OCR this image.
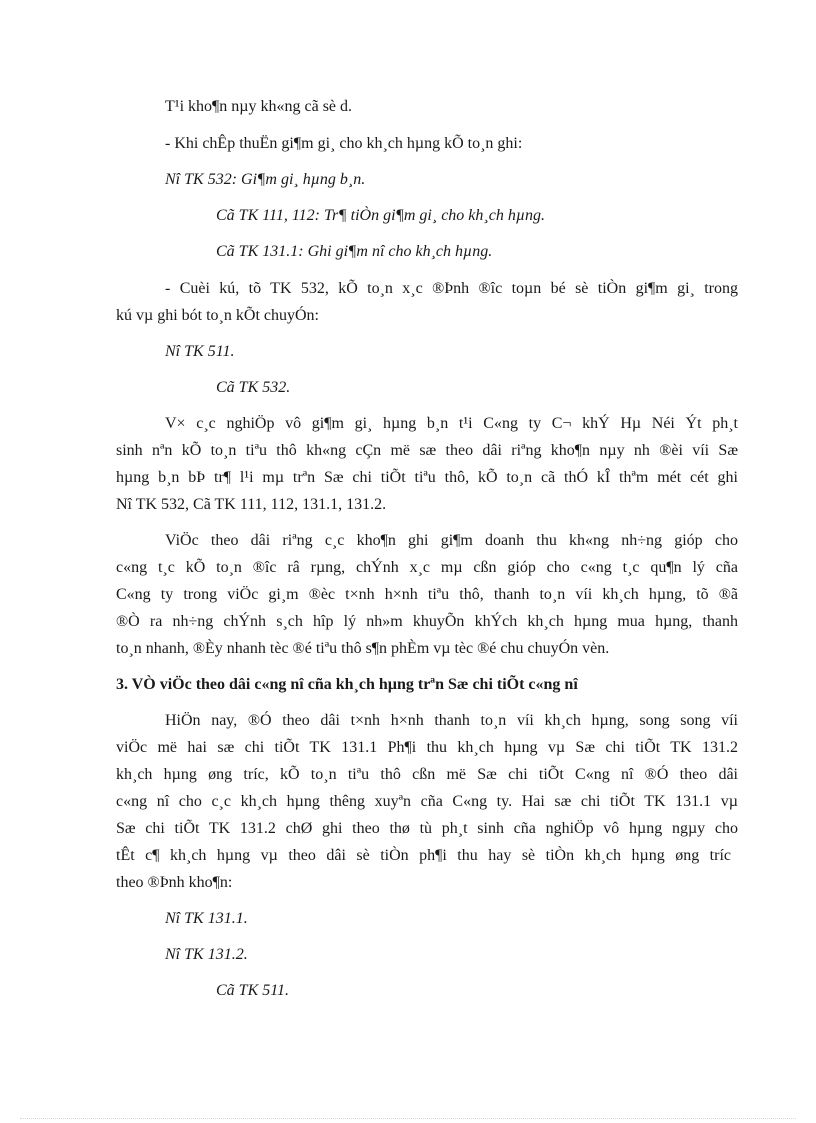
T¹i kho¶n nµy kh«ng cã sè d.
- Khi chÊp thuËn gi¶m gi¸ cho kh¸ch hµng kÕ to¸n ghi:
Nî TK 532: Gi¶m gi¸ hµng b¸n.
Cã TK 111, 112: Tr¶ tiÒn gi¶m gi¸ cho kh¸ch hµng.
Cã TK 131.1: Ghi gi¶m nî cho kh¸ch hµng.
- Cuèi kú, tõ TK 532, kÕ to¸n x¸c ®Þnh ®îc toµn bé sè tiÒn gi¶m gi¸ trong
kú vµ ghi bót to¸n kÕt chuyÓn:
Nî TK 511.
Cã TK 532.
V× c¸c nghiÖp vô gi¶m gi¸ hµng b¸n t¹i C«ng ty C¬ khÝ Hµ Néi Ýt ph¸t
sinh nªn kÕ to¸n tiªu thô kh«ng cÇn më sæ theo dâi riªng kho¶n nµy nh ®èi víi Sæ
hµng b¸n bÞ tr¶ l¹i mµ trªn Sæ chi tiÕt tiªu thô, kÕ to¸n cã thÓ kÎ thªm mét cét ghi
Nî TK 532, Cã TK 111, 112, 131.1, 131.2.
ViÖc theo dâi riªng c¸c kho¶n ghi gi¶m doanh thu kh«ng nh÷ng gióp cho
c«ng t¸c kÕ to¸n ®îc râ rµng, chÝnh x¸c mµ cßn gióp cho c«ng t¸c qu¶n lý cña
C«ng ty trong viÖc gi¸m ®èc t×nh h×nh tiªu thô, thanh to¸n víi kh¸ch hµng, tõ ®ã
®Ò ra nh÷ng chÝnh s¸ch hîp lý nh»m khuyÕn khÝch kh¸ch hµng mua hµng, thanh
to¸n nhanh, ®Èy nhanh tèc ®é tiªu thô s¶n phÈm vµ tèc ®é chu chuyÓn vèn.
3. VÒ viÖc theo dâi c«ng nî cña kh¸ch hµng trªn Sæ chi tiÕt c«ng nî
HiÖn nay, ®Ó theo dâi t×nh h×nh thanh to¸n víi kh¸ch hµng, song song víi
viÖc më hai sæ chi tiÕt TK 131.1 Ph¶i thu kh¸ch hµng vµ Sæ chi tiÕt TK 131.2
kh¸ch hµng øng tríc, kÕ to¸n tiªu thô cßn më Sæ chi tiÕt C«ng nî ®Ó theo dâi
c«ng nî cho c¸c kh¸ch hµng thêng xuyªn cña C«ng ty. Hai sæ chi tiÕt TK 131.1 vµ
Sæ chi tiÕt TK 131.2 chØ ghi theo thø tù ph¸t sinh cña nghiÖp vô hµng ngµy cho
tÊt c¶ kh¸ch hµng vµ theo dâi sè tiÒn ph¶i thu hay sè tiÒn kh¸ch hµng øng tríc
theo ®Þnh kho¶n:
Nî TK 131.1.
Nî TK 131.2.
Cã TK 511.
